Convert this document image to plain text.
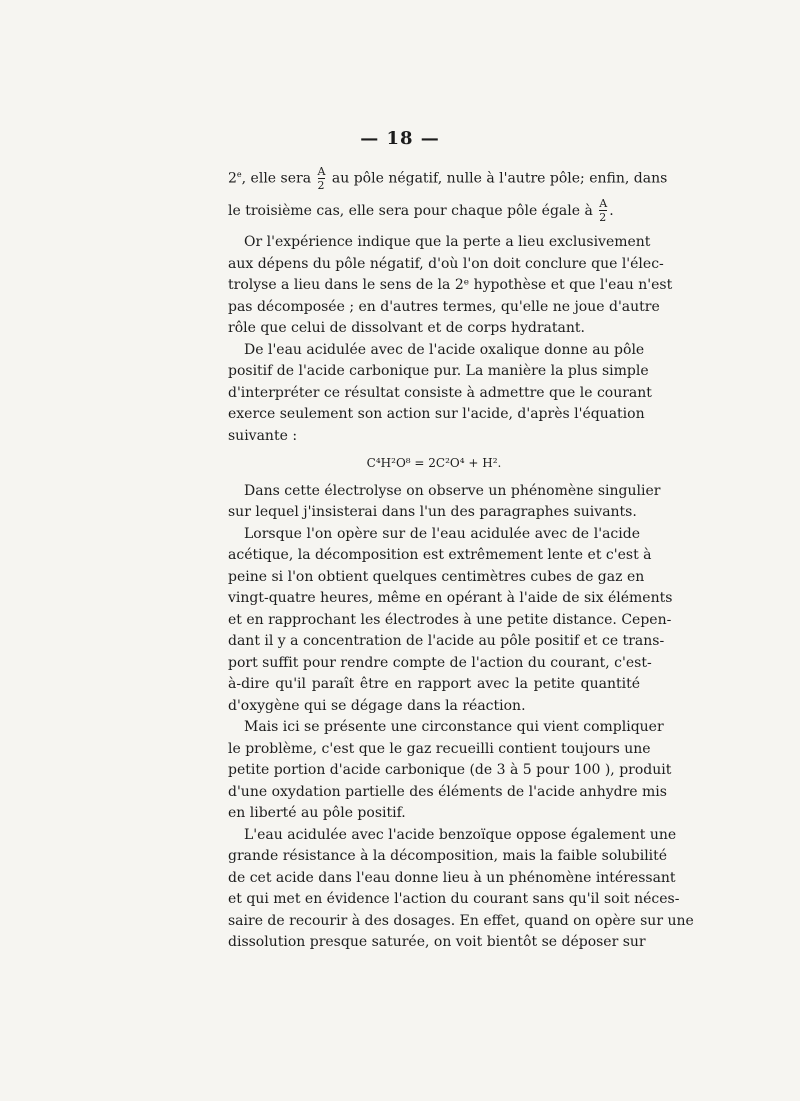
— 18 —
2e, elle sera $\frac{A}{2}$ au pôle négatif, nulle à l'autre pôle; enfin, dans
le troisième cas, elle sera pour chaque pôle égale à $\frac{A}{2}$ .
Or l'expérience indique que la perte a lieu exclusivement
aux dépens du pôle négatif, d'où l'on doit conclure que l'élec-
trolyse a lieu dans le sens de la 2ᵉ hypothèse et que l'eau n'est
pas décomposée ; en d'autres termes, qu'elle ne joue d'autre
rôle que celui de dissolvant et de corps hydratant.
De l'eau acidulée avec de l'acide oxalique donne au pôle
positif de l'acide carbonique pur. La manière la plus simple
d'interpréter ce résultat consiste à admettre que le courant
exerce seulement son action sur l'acide, d'après l'équation
suivante :
C⁴H²O⁸ = 2C²O⁴ + H².
Dans cette électrolyse on observe un phénomène singulier
sur lequel j'insisterai dans l'un des paragraphes suivants.
Lorsque l'on opère sur de l'eau acidulée avec de l'acide
acétique, la décomposition est extrêmement lente et c'est à
peine si l'on obtient quelques centimètres cubes de gaz en
vingt-quatre heures, même en opérant à l'aide de six éléments
et en rapprochant les électrodes à une petite distance. Cepen-
dant il y a concentration de l'acide au pôle positif et ce trans-
port suffit pour rendre compte de l'action du courant, c'est-
à-dire qu'il paraît être en rapport avec la petite quantité
d'oxygène qui se dégage dans la réaction.
Mais ici se présente une circonstance qui vient compliquer
le problème, c'est que le gaz recueilli contient toujours une
petite portion d'acide carbonique (de 3 à 5 pour 100 ), produit
d'une oxydation partielle des éléments de l'acide anhydre mis
en liberté au pôle positif.
L'eau acidulée avec l'acide benzoïque oppose également une
grande résistance à la décomposition, mais la faible solubilité
de cet acide dans l'eau donne lieu à un phénomène intéressant
et qui met en évidence l'action du courant sans qu'il soit néces-
saire de recourir à des dosages. En effet, quand on opère sur une
dissolution presque saturée, on voit bientôt se déposer sur
